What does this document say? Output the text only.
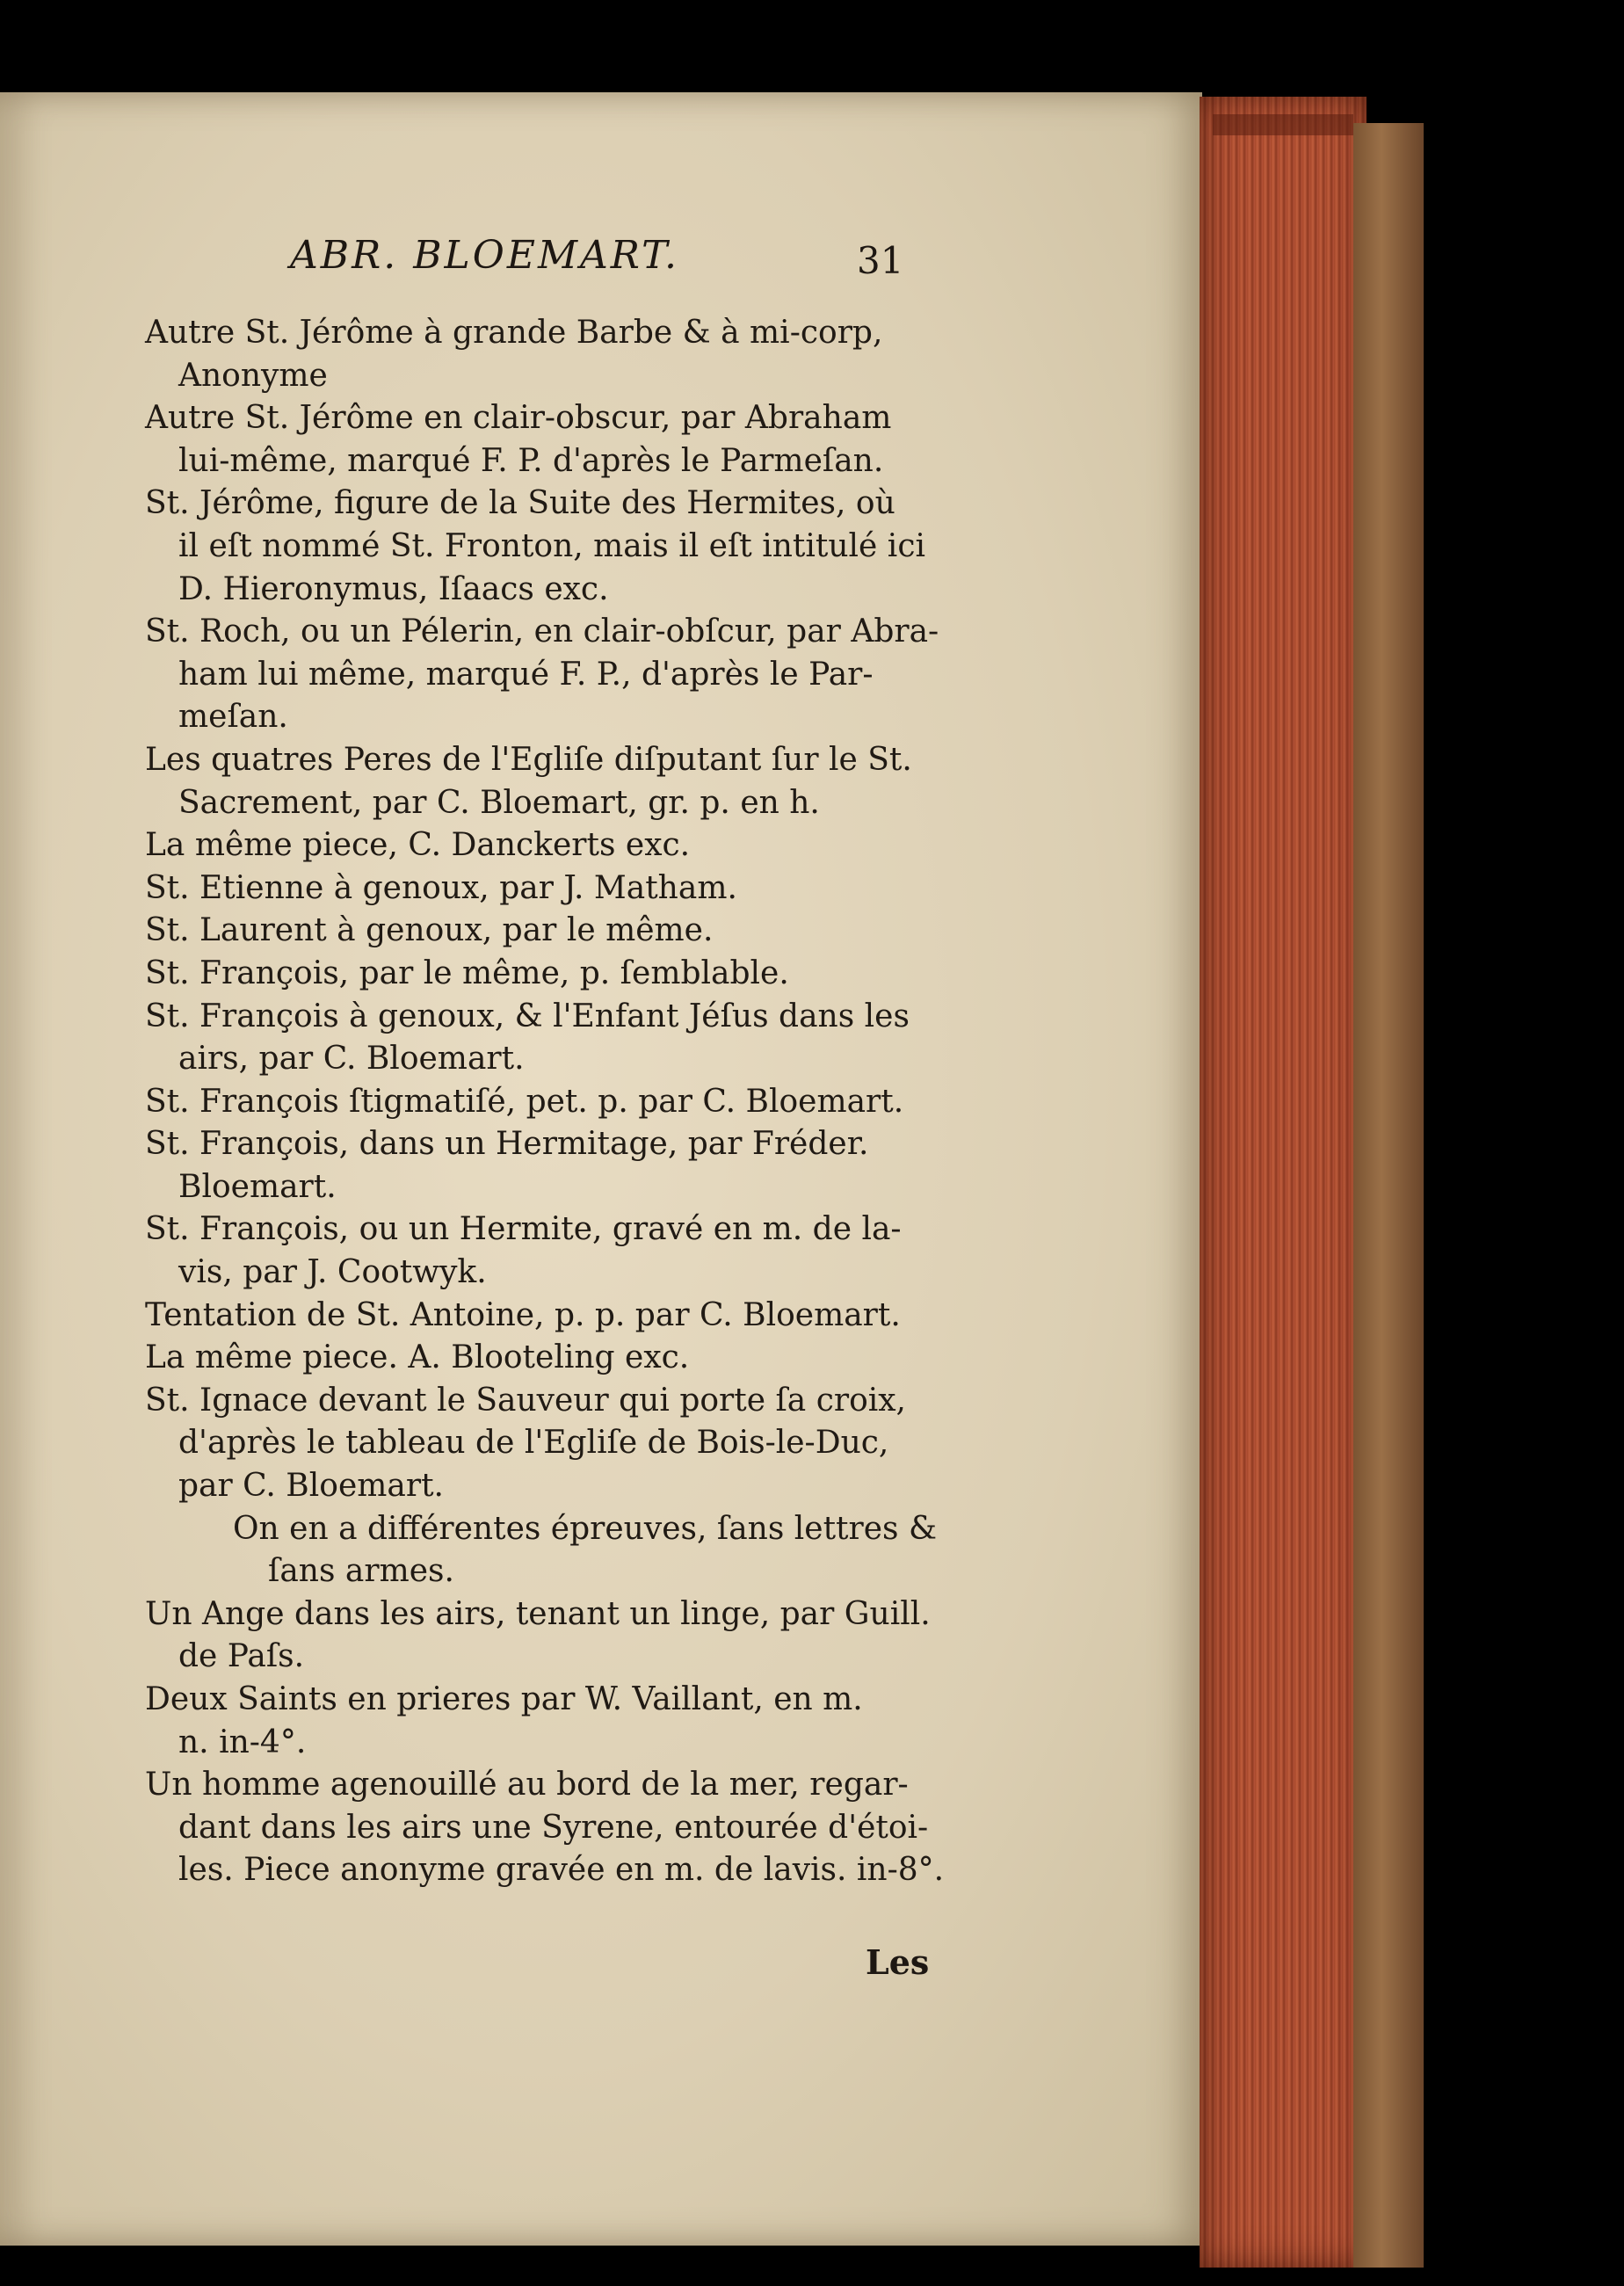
ABR. BLOEMART.	31
Autre St. Jérôme à grande Barbe & à mi-corp,
Anonyme
Autre St. Jérôme en clair-obscur, par Abraham
lui-même, marqué F. P. d'après le Parmeſan.
St. Jérôme, figure de la Suite des Hermites, où
il eſt nommé St. Fronton, mais il eſt intitulé ici
D. Hieronymus, Iſaacs exc.
St. Roch, ou un Pélerin, en clair-obſcur, par Abra-
ham lui même, marqué F. P., d'après le Par-
meſan.
Les quatres Peres de l'Egliſe diſputant ſur le St.
Sacrement, par C. Bloemart, gr. p. en h.
La même piece, C. Danckerts exc.
St. Etienne à genoux, par J. Matham.
St. Laurent à genoux, par le même.
St. François, par le même, p. ſemblable.
St. François à genoux, & l'Enfant Jéſus dans les
airs, par C. Bloemart.
St. François ſtigmatiſé, pet. p. par C. Bloemart.
St. François, dans un Hermitage, par Fréder.
Bloemart.
St. François, ou un Hermite, gravé en m. de la-
vis, par J. Cootwyk.
Tentation de St. Antoine, p. p. par C. Bloemart.
La même piece. A. Blooteling exc.
St. Ignace devant le Sauveur qui porte ſa croix,
d'après le tableau de l'Egliſe de Bois-le-Duc,
par C. Bloemart.
On en a différentes épreuves, ſans lettres &
ſans armes.
Un Ange dans les airs, tenant un linge, par Guill.
de Paſs.
Deux Saints en prieres par W. Vaillant, en m.
n. in-4°.
Un homme agenouillé au bord de la mer, regar-
dant dans les airs une Syrene, entourée d'étoi-
les. Piece anonyme gravée en m. de lavis. in-8°.
Les
